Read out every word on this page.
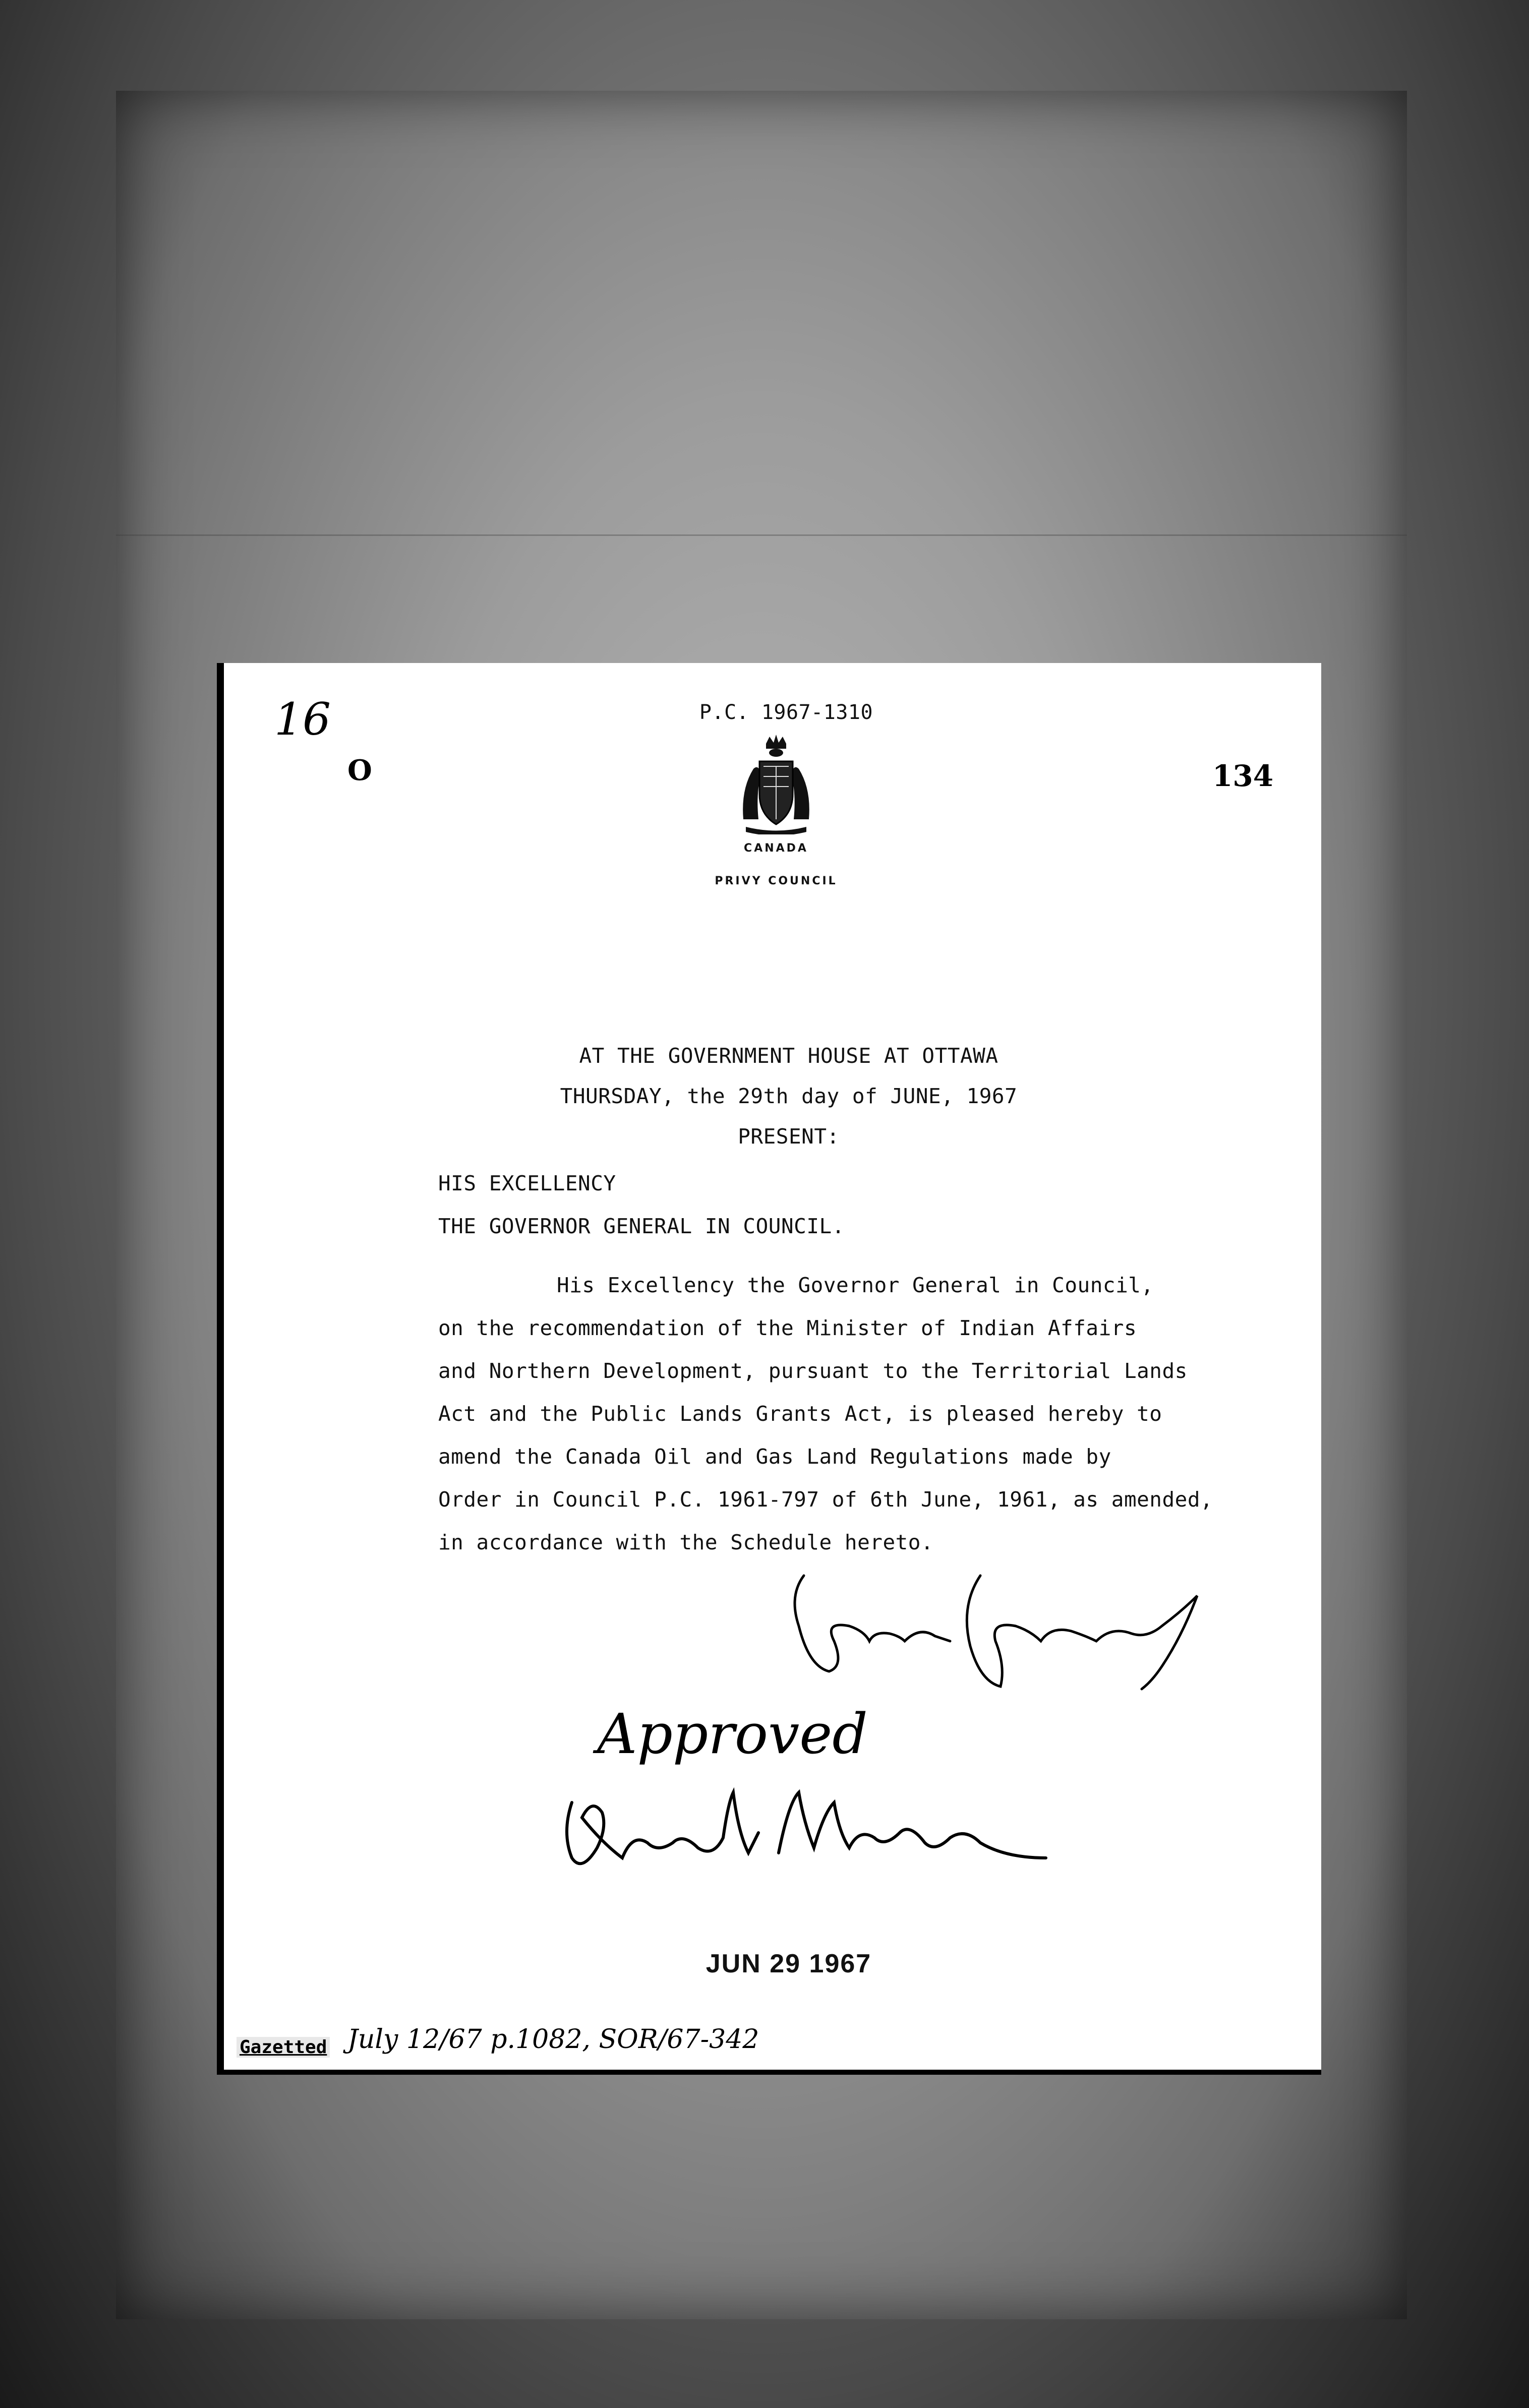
16
O
P.C. 1967-1310
134
CANADA
PRIVY COUNCIL
AT THE GOVERNMENT HOUSE AT OTTAWA
THURSDAY, the 29th day of JUNE, 1967
PRESENT:
HIS EXCELLENCY
THE GOVERNOR GENERAL IN COUNCIL.
His Excellency the Governor General in Council,
on the recommendation of the Minister of Indian Affairs
and Northern Development, pursuant to the Territorial Lands
Act and the Public Lands Grants Act, is pleased hereby to
amend the Canada Oil and Gas Land Regulations made by
Order in Council P.C. 1961-797 of 6th June, 1961, as amended,
in accordance with the Schedule hereto.
Approved
JUN 29 1967
Gazetted July 12/67 p.1082, SOR/67-342
